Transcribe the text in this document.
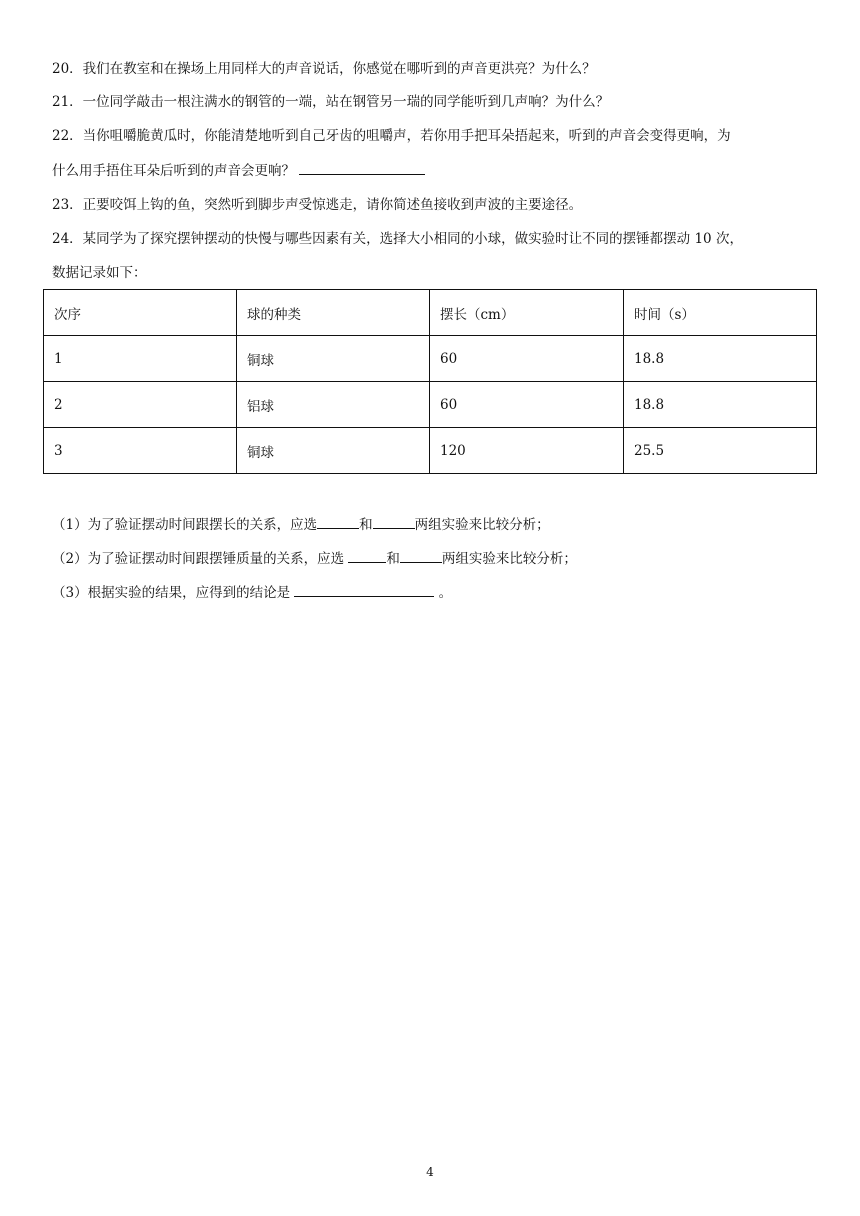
20．我们在教室和在操场上用同样大的声音说话，你感觉在哪听到的声音更洪亮？为什么？
21．一位同学敲击一根注满水的钢管的一端，站在钢管另一瑞的同学能听到几声响？为什么？
22．当你咀嚼脆黄瓜时，你能清楚地听到自己牙齿的咀嚼声，若你用手把耳朵捂起来，听到的声音会变得更响，为
什么用手捂住耳朵后听到的声音会更响？
23．正要咬饵上钩的鱼，突然听到脚步声受惊逃走，请你简述鱼接收到声波的主要途径。
24．某同学为了探究摆钟摆动的快慢与哪些因素有关，选择大小相同的小球，做实验时让不同的摆锤都摆动 10 次，
数据记录如下：
次序	球的种类	摆长（cm）	时间（s）
1	铜球	60	18.8
2	铝球	60	18.8
3	铜球	120	25.5
（1）为了验证摆动时间跟摆长的关系，应选	和	两组实验来比较分析；
（2）为了验证摆动时间跟摆锤质量的关系，应选	和	两组实验来比较分析；
（3）根据实验的结果，应得到的结论是	。
4
